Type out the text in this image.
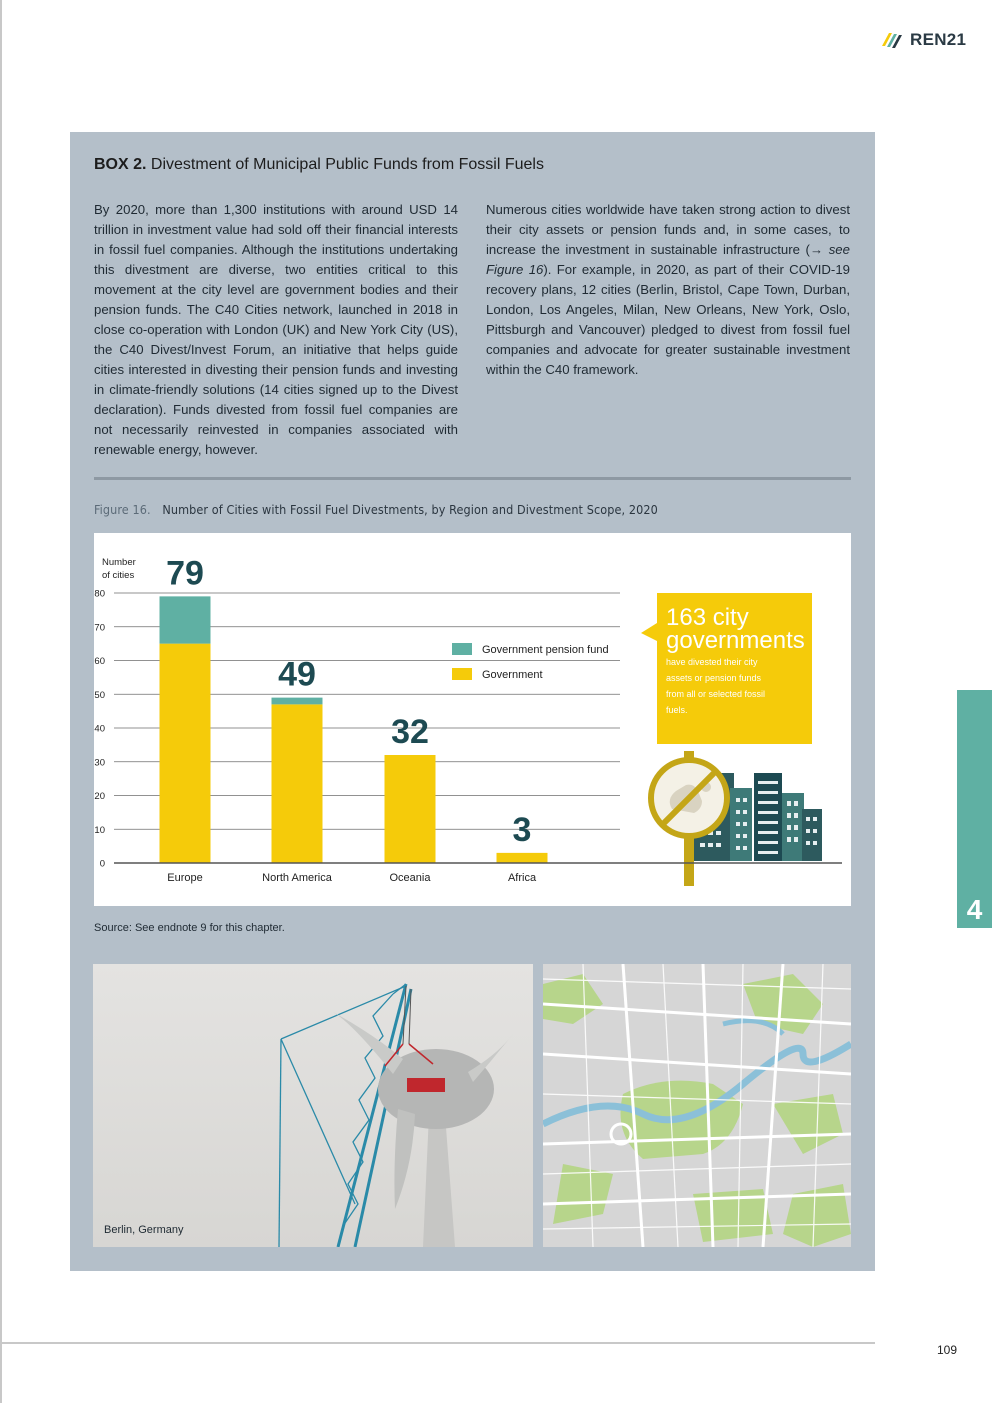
REN21
BOX 2. Divestment of Municipal Public Funds from Fossil Fuels

By 2020, more than 1,300 institutions with around USD 14 trillion in investment value had sold off their financial interests in fossil fuel companies. Although the institutions undertaking this divestment are diverse, two entities critical to this movement at the city level are government bodies and their pension funds. The C40 Cities network, launched in 2018 in close co-operation with London (UK) and New York City (US), the C40 Divest/Invest Forum, an initiative that helps guide cities interested in divesting their pension funds and investing in climate-friendly solutions (14 cities signed up to the Divest declaration). Funds divested from fossil fuel companies are not necessarily reinvested in companies associated with renewable energy, however.

Numerous cities worldwide have taken strong action to divest their city assets or pension funds and, in some cases, to increase the investment in sustainable infrastructure (→ see Figure 16). For example, in 2020, as part of their COVID-19 recovery plans, 12 cities (Berlin, Bristol, Cape Town, Durban, London, Los Angeles, Milan, New Orleans, New York, Oslo, Pittsburgh and Vancouver) pledged to divest from fossil fuel companies and advocate for greater sustainable investment within the C40 framework.

Figure 16. Number of Cities with Fossil Fuel Divestments, by Region and Divestment Scope, 2020
0
10
20
30
40
50
60
70
80
Europe
79
North America
49
Oceania
32
Africa
3
Government pension fund
Government
Number
of cities
163 city
governments
have divested their city
assets or pension funds
from all or selected fossil
fuels.
Source: See endnote 9 for this chapter.
Berlin, Germany
4
109
